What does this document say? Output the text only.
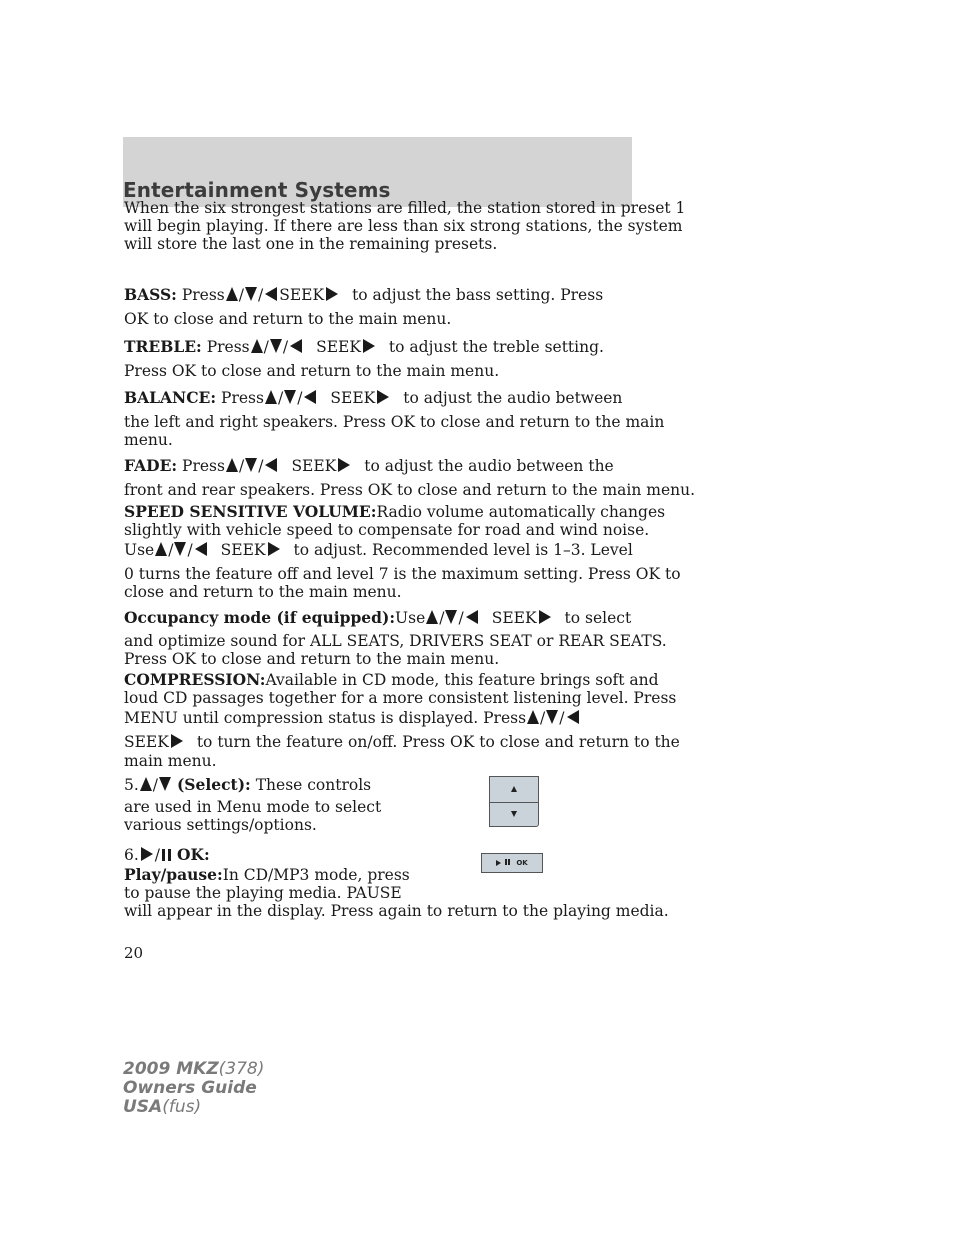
Entertainment Systems
When the six strongest stations are filled, the station stored in preset 1
will begin playing. If there are less than six strong stations, the system
will store the last one in the remaining presets.
BASS: Press / / SEEK to adjust the bass setting. Press
OK to close and return to the main menu.
TREBLE: Press / / SEEK to adjust the treble setting.
Press OK to close and return to the main menu.
BALANCE: Press / / SEEK to adjust the audio between
the left and right speakers. Press OK to close and return to the main
menu.
FADE: Press / / SEEK to adjust the audio between the
front and rear speakers. Press OK to close and return to the main menu.
SPEED SENSITIVE VOLUME:Radio volume automatically changes
slightly with vehicle speed to compensate for road and wind noise.
Use / / SEEK to adjust. Recommended level is 1–3. Level
0 turns the feature off and level 7 is the maximum setting. Press OK to
close and return to the main menu.
Occupancy mode (if equipped):Use / / SEEK to select
and optimize sound for ALL SEATS, DRIVERS SEAT or REAR SEATS.
Press OK to close and return to the main menu.
COMPRESSION:Available in CD mode, this feature brings soft and
loud CD passages together for a more consistent listening level. Press
MENU until compression status is displayed. Press / /
SEEK to turn the feature on/off. Press OK to close and return to the
main menu.
5. / (Select): These controls
are used in Menu mode to select
various settings/options.
6. / OK:
Play/pause:In CD/MP3 mode, press
to pause the playing media. PAUSE
will appear in the display. Press again to return to the playing media.
OK
20
2009 MKZ(378)
Owners Guide
USA(fus)
